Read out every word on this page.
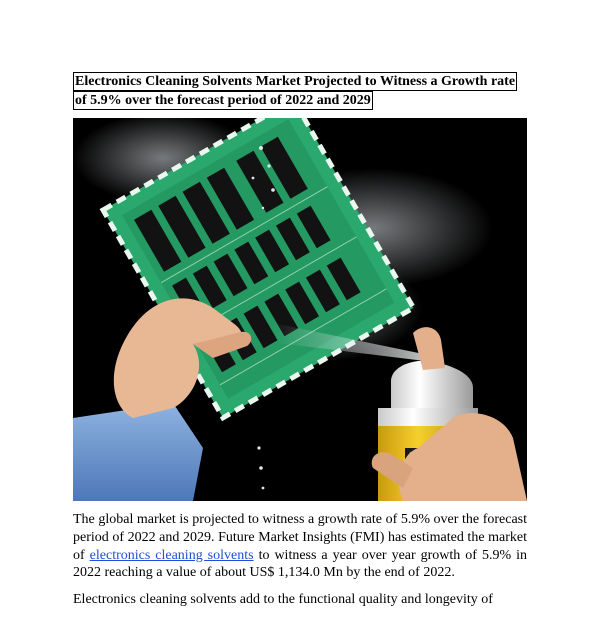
Electronics Cleaning Solvents Market Projected to Witness a Growth rate
of 5.9% over the forecast period of 2022 and 2029

The global market is projected to witness a growth rate of 5.9% over the forecast period of 2022 and 2029. Future Market Insights (FMI) has estimated the market of electronics cleaning solvents to witness a year over year growth of 5.9% in 2022 reaching a value of about US$ 1,134.0 Mn by the end of 2022.

Electronics cleaning solvents add to the functional quality and longevity of
